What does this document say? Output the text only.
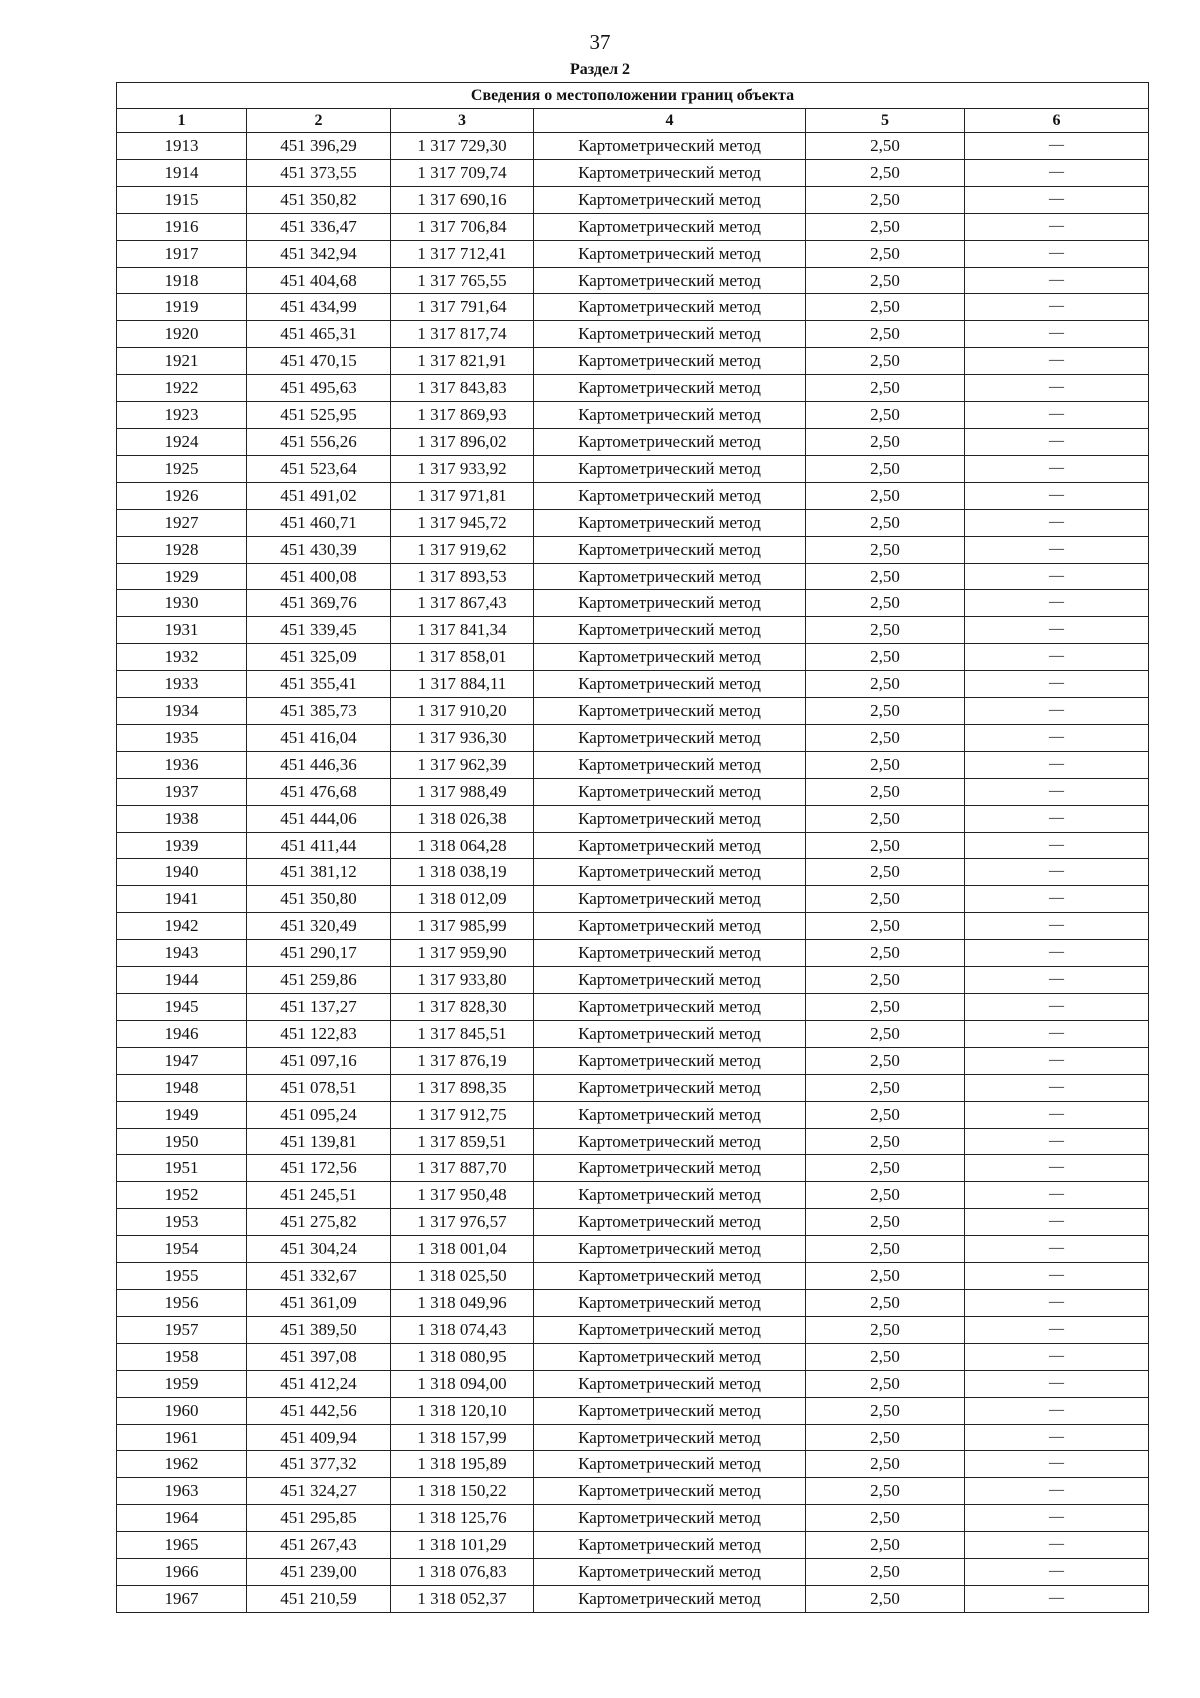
37
Раздел 2
Сведения о местоположении границ объекта					
1	2	3	4	5	6
1913	451 396,29	1 317 729,30	Картометрический метод	2,50	—
1914	451 373,55	1 317 709,74	Картометрический метод	2,50	—
1915	451 350,82	1 317 690,16	Картометрический метод	2,50	—
1916	451 336,47	1 317 706,84	Картометрический метод	2,50	—
1917	451 342,94	1 317 712,41	Картометрический метод	2,50	—
1918	451 404,68	1 317 765,55	Картометрический метод	2,50	—
1919	451 434,99	1 317 791,64	Картометрический метод	2,50	—
1920	451 465,31	1 317 817,74	Картометрический метод	2,50	—
1921	451 470,15	1 317 821,91	Картометрический метод	2,50	—
1922	451 495,63	1 317 843,83	Картометрический метод	2,50	—
1923	451 525,95	1 317 869,93	Картометрический метод	2,50	—
1924	451 556,26	1 317 896,02	Картометрический метод	2,50	—
1925	451 523,64	1 317 933,92	Картометрический метод	2,50	—
1926	451 491,02	1 317 971,81	Картометрический метод	2,50	—
1927	451 460,71	1 317 945,72	Картометрический метод	2,50	—
1928	451 430,39	1 317 919,62	Картометрический метод	2,50	—
1929	451 400,08	1 317 893,53	Картометрический метод	2,50	—
1930	451 369,76	1 317 867,43	Картометрический метод	2,50	—
1931	451 339,45	1 317 841,34	Картометрический метод	2,50	—
1932	451 325,09	1 317 858,01	Картометрический метод	2,50	—
1933	451 355,41	1 317 884,11	Картометрический метод	2,50	—
1934	451 385,73	1 317 910,20	Картометрический метод	2,50	—
1935	451 416,04	1 317 936,30	Картометрический метод	2,50	—
1936	451 446,36	1 317 962,39	Картометрический метод	2,50	—
1937	451 476,68	1 317 988,49	Картометрический метод	2,50	—
1938	451 444,06	1 318 026,38	Картометрический метод	2,50	—
1939	451 411,44	1 318 064,28	Картометрический метод	2,50	—
1940	451 381,12	1 318 038,19	Картометрический метод	2,50	—
1941	451 350,80	1 318 012,09	Картометрический метод	2,50	—
1942	451 320,49	1 317 985,99	Картометрический метод	2,50	—
1943	451 290,17	1 317 959,90	Картометрический метод	2,50	—
1944	451 259,86	1 317 933,80	Картометрический метод	2,50	—
1945	451 137,27	1 317 828,30	Картометрический метод	2,50	—
1946	451 122,83	1 317 845,51	Картометрический метод	2,50	—
1947	451 097,16	1 317 876,19	Картометрический метод	2,50	—
1948	451 078,51	1 317 898,35	Картометрический метод	2,50	—
1949	451 095,24	1 317 912,75	Картометрический метод	2,50	—
1950	451 139,81	1 317 859,51	Картометрический метод	2,50	—
1951	451 172,56	1 317 887,70	Картометрический метод	2,50	—
1952	451 245,51	1 317 950,48	Картометрический метод	2,50	—
1953	451 275,82	1 317 976,57	Картометрический метод	2,50	—
1954	451 304,24	1 318 001,04	Картометрический метод	2,50	—
1955	451 332,67	1 318 025,50	Картометрический метод	2,50	—
1956	451 361,09	1 318 049,96	Картометрический метод	2,50	—
1957	451 389,50	1 318 074,43	Картометрический метод	2,50	—
1958	451 397,08	1 318 080,95	Картометрический метод	2,50	—
1959	451 412,24	1 318 094,00	Картометрический метод	2,50	—
1960	451 442,56	1 318 120,10	Картометрический метод	2,50	—
1961	451 409,94	1 318 157,99	Картометрический метод	2,50	—
1962	451 377,32	1 318 195,89	Картометрический метод	2,50	—
1963	451 324,27	1 318 150,22	Картометрический метод	2,50	—
1964	451 295,85	1 318 125,76	Картометрический метод	2,50	—
1965	451 267,43	1 318 101,29	Картометрический метод	2,50	—
1966	451 239,00	1 318 076,83	Картометрический метод	2,50	—
1967	451 210,59	1 318 052,37	Картометрический метод	2,50	—
